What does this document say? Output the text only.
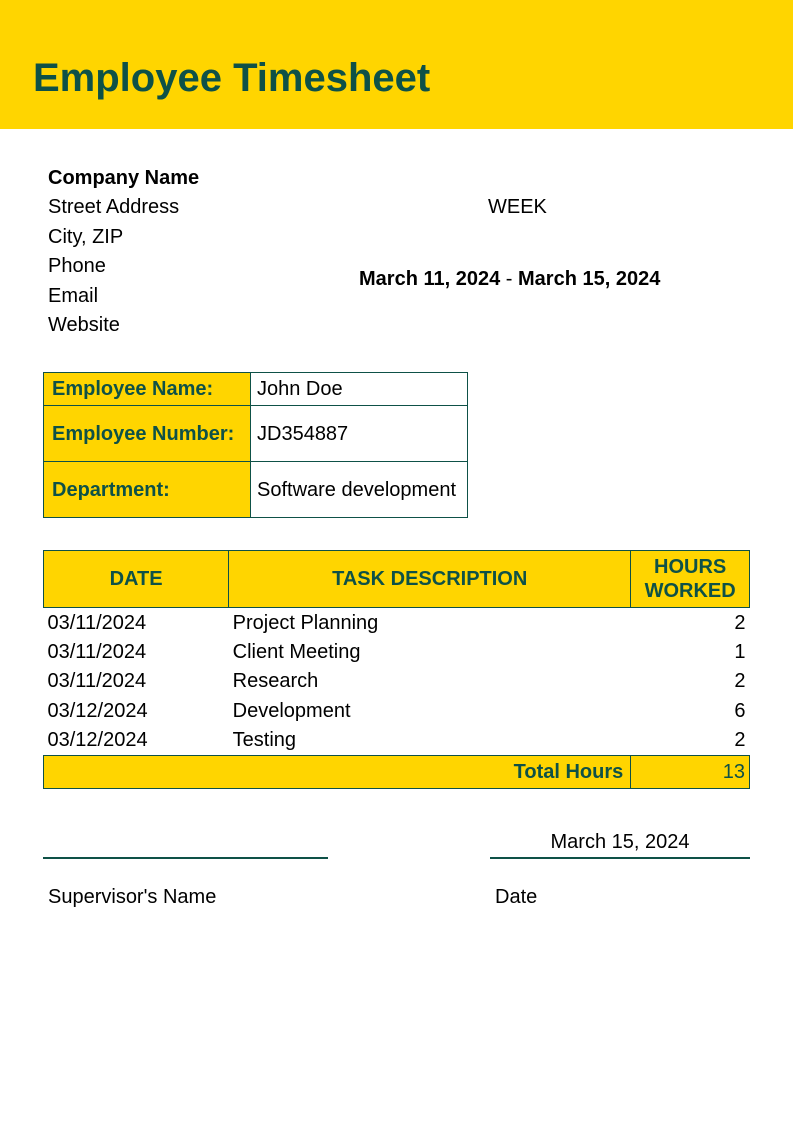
Employee Timesheet
Company Name
Street Address
City, ZIP
Phone
Email
Website
WEEK
March 11, 2024 - March 15, 2024
Employee Name:	John Doe
Employee Number:	JD354887
Department:	Software development
DATE	TASK DESCRIPTION	HOURS WORKED
03/11/2024	Project Planning	2
03/11/2024	Client Meeting	1
03/11/2024	Research	2
03/12/2024	Development	6
03/12/2024	Testing	2
Total Hours		13
March 15, 2024
Supervisor's Name	Date
